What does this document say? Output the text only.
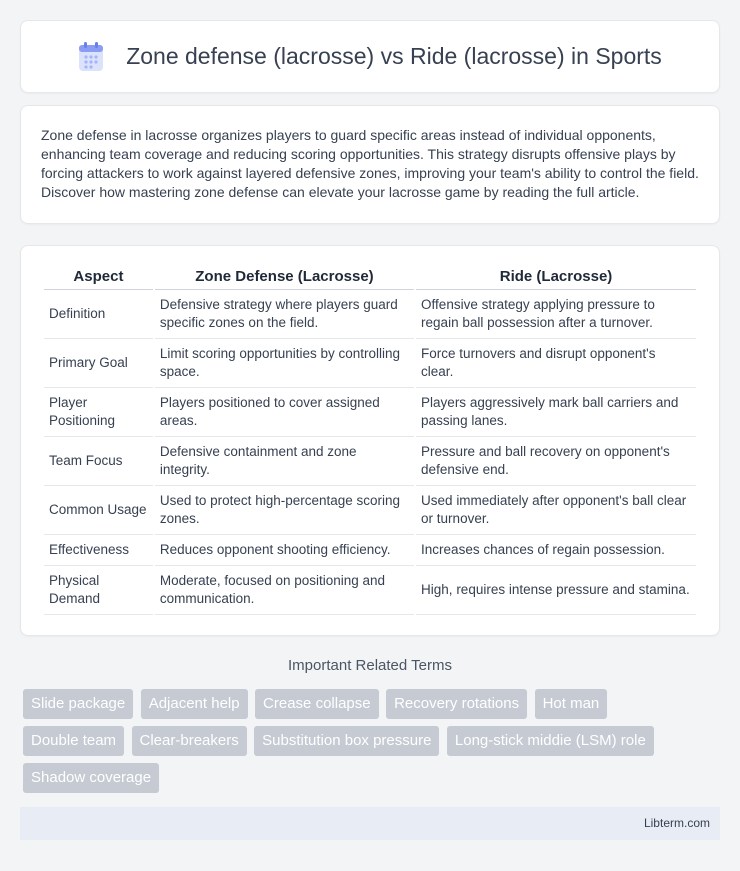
Zone defense (lacrosse) vs Ride (lacrosse) in Sports

Zone defense in lacrosse organizes players to guard specific areas instead of individual opponents, enhancing team coverage and reducing scoring opportunities. This strategy disrupts offensive plays by forcing attackers to work against layered defensive zones, improving your team's ability to control the field. Discover how mastering zone defense can elevate your lacrosse game by reading the full article.

Aspect	Zone Defense (Lacrosse)	Ride (Lacrosse)
Definition	Defensive strategy where players guard specific zones on the field.	Offensive strategy applying pressure to regain ball possession after a turnover.
Primary Goal	Limit scoring opportunities by controlling space.	Force turnovers and disrupt opponent's clear.
Player Positioning	Players positioned to cover assigned areas.	Players aggressively mark ball carriers and passing lanes.
Team Focus	Defensive containment and zone integrity.	Pressure and ball recovery on opponent's defensive end.
Common Usage	Used to protect high-percentage scoring zones.	Used immediately after opponent's ball clear or turnover.
Effectiveness	Reduces opponent shooting efficiency.	Increases chances of regain possession.
Physical Demand	Moderate, focused on positioning and communication.	High, requires intense pressure and stamina.
Important Related Terms
Slide package Adjacent help Crease collapse Recovery rotations Hot man Double team Clear-breakers Substitution box pressure Long-stick middie (LSM) role Shadow coverage
Libterm.com
